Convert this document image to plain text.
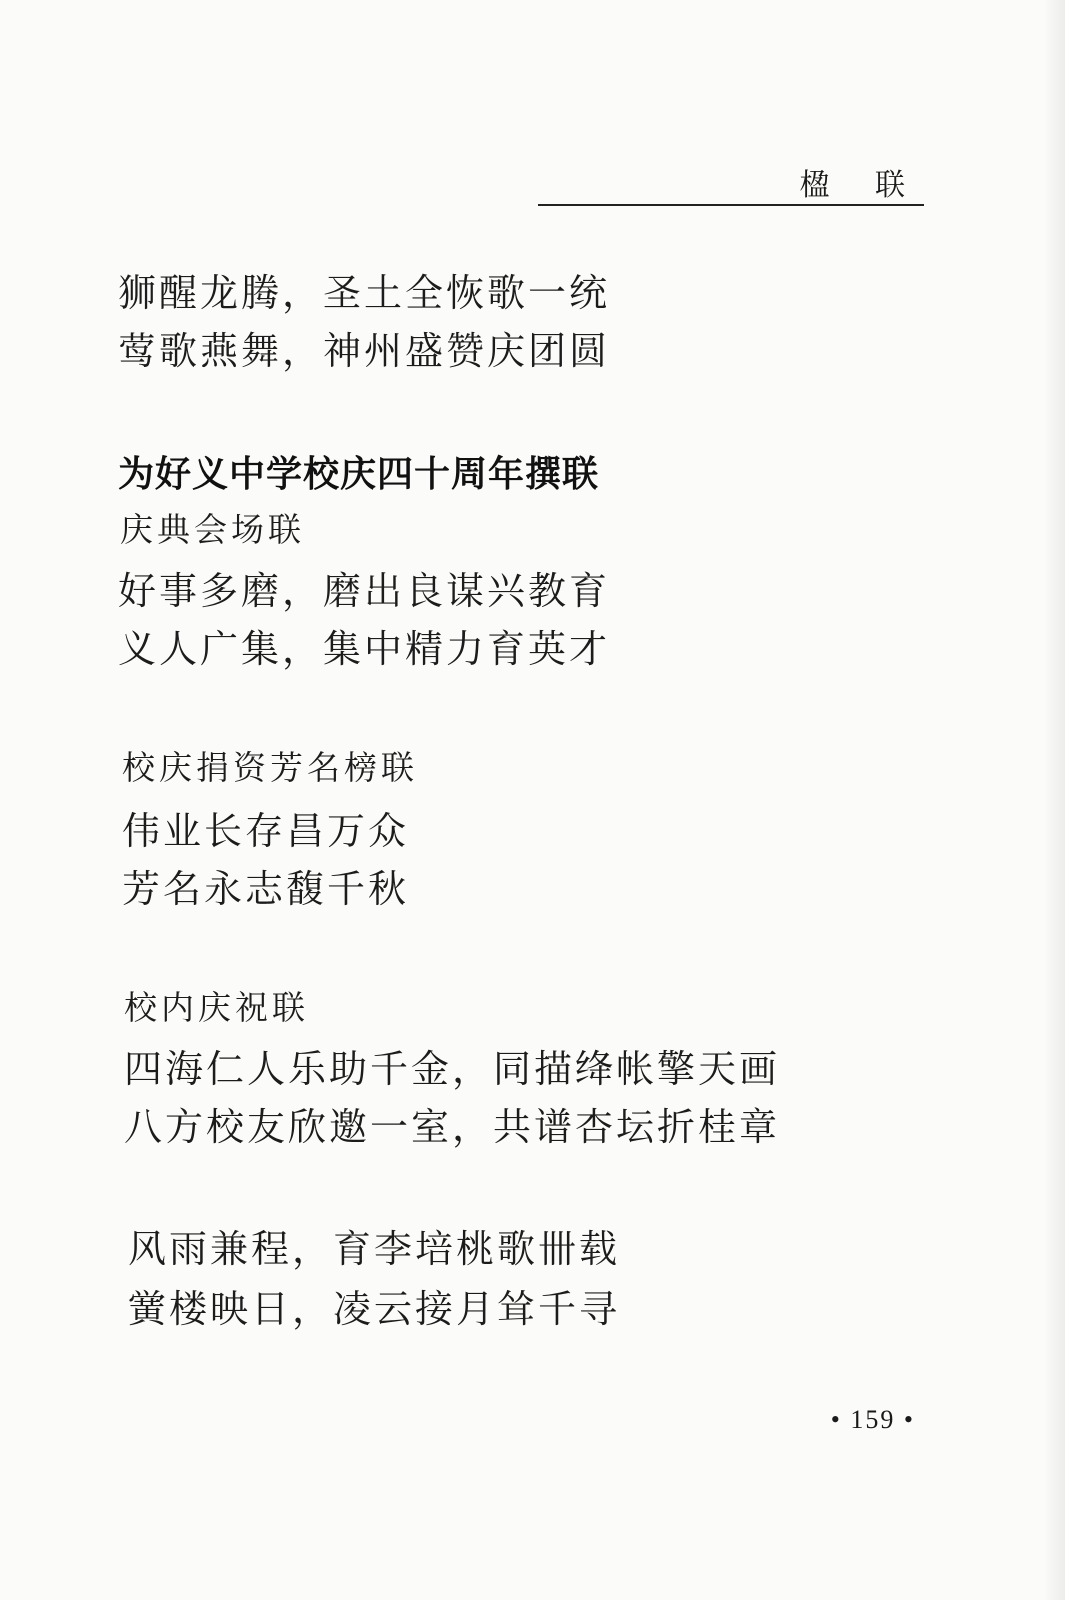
楹 联
狮醒龙腾，圣土全恢歌一统
莺歌燕舞，神州盛赞庆团圆
为好义中学校庆四十周年撰联
庆典会场联
好事多磨，磨出良谋兴教育
义人广集，集中精力育英才
校庆捐资芳名榜联
伟业长存昌万众
芳名永志馥千秋
校内庆祝联
四海仁人乐助千金，同描绛帐擎天画
八方校友欣邀一室，共谱杏坛折桂章
风雨兼程，育李培桃歌卌载
黉楼映日，凌云接月耸千寻
• 159 •
